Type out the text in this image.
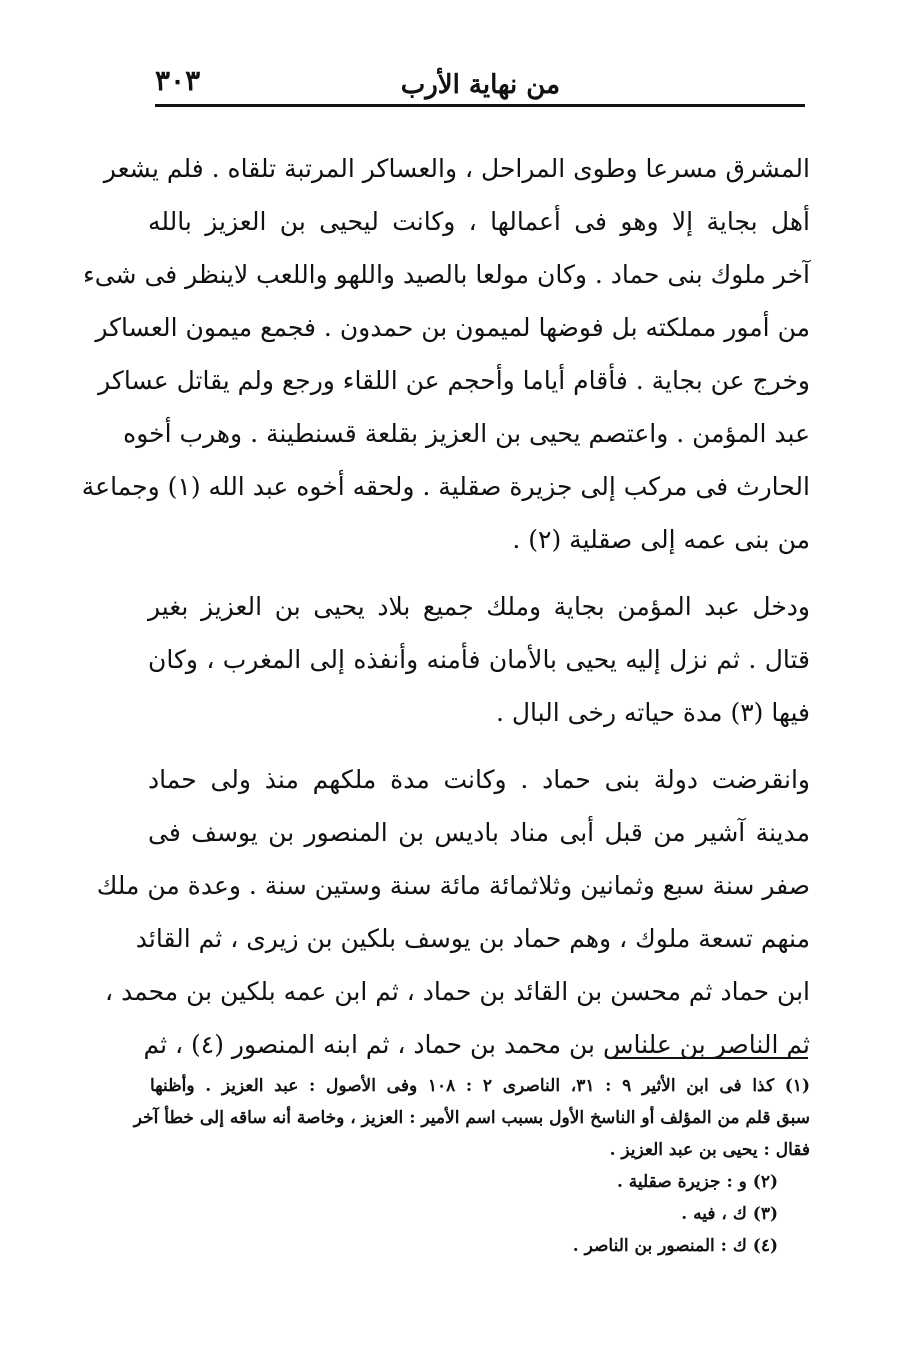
من نهاية الأرب
٣٠٣

المشرق مسرعا وطوى المراحل ، والعساكر المرتبة تلقاه . فلم يشعر
أهل بجاية إلا وهو فى أعمالها ، وكانت ليحيى بن العزيز بالله
آخر ملوك بنى حماد . وكان مولعا بالصيد واللهو واللعب لاينظر فى شىء
من أمور مملكته بل فوضها لميمون بن حمدون . فجمع ميمون العساكر
وخرج عن بجاية . فأقام أياما وأحجم عن اللقاء ورجع ولم يقاتل عساكر
عبد المؤمن . واعتصم يحيى بن العزيز بقلعة قسنطينة . وهرب أخوه
الحارث فى مركب إلى جزيرة صقلية . ولحقه أخوه عبد الله (١) وجماعة
من بنى عمه إلى صقلية (٢) .

ودخل عبد المؤمن بجاية وملك جميع بلاد يحيى بن العزيز بغير
قتال . ثم نزل إليه يحيى بالأمان فأمنه وأنفذه إلى المغرب ، وكان
فيها (٣) مدة حياته رخى البال .

وانقرضت دولة بنى حماد . وكانت مدة ملكهم منذ ولى حماد
مدينة آشير من قبل أبى مناد باديس بن المنصور بن يوسف فى
صفر سنة سبع وثمانين وثلاثمائة مائة سنة وستين سنة . وعدة من ملك
منهم تسعة ملوك ، وهم حماد بن يوسف بلكين بن زيرى ، ثم القائد
ابن حماد ثم محسن بن القائد بن حماد ، ثم ابن عمه بلكين بن محمد ،
ثم الناصر بن علناس بن محمد بن حماد ، ثم ابنه المنصور (٤) ، ثم

(١) كذا فى ابن الأثير ٩ : ٣١، الناصرى ٢ : ١٠٨ وفى الأصول : عبد العزيز . وأظنها
سبق قلم من المؤلف أو الناسخ الأول بسبب اسم الأمير : العزيز ، وخاصة أنه ساقه إلى خطأ آخر
فقال : يحيى بن عبد العزيز .
(٢) و : جزيرة صقلية .
(٣) ك ، فيه .
(٤) ك : المنصور بن الناصر .
